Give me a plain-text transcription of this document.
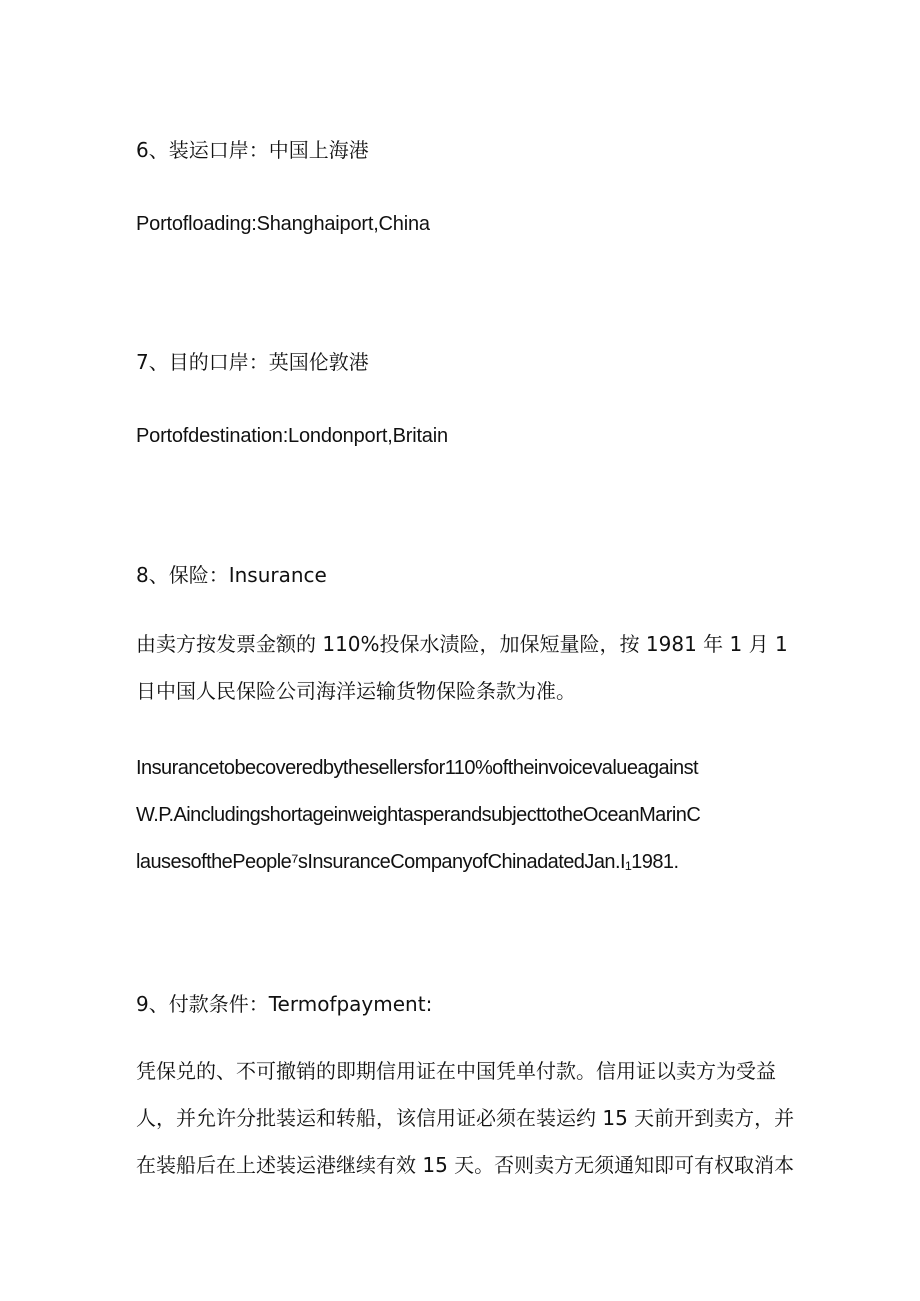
6、装运口岸：中国上海港
Portofloading:Shanghaiport,China
7、目的口岸：英国伦敦港
Portofdestination:Londonport,Britain
8、保险：Insurance
由卖方按发票金额的 110%投保水渍险，加保短量险，按 1981 年 1 月 1
日中国人民保险公司海洋运输货物保险条款为准。
Insurancetobecoveredbythesellersfor110%oftheinvoicevalueagainst
W.P.AincludingshortageinweightasperandsubjecttotheOceanMarinC
lausesofthePeople⁷sInsuranceCompanyofChinadatedJan.I₁1981.
9、付款条件：Termofpayment:
凭保兑的、不可撤销的即期信用证在中国凭单付款。信用证以卖方为受益
人，并允许分批装运和转船，该信用证必须在装运约 15 天前开到卖方，并
在装船后在上述装运港继续有效 15 天。否则卖方无须通知即可有权取消本
